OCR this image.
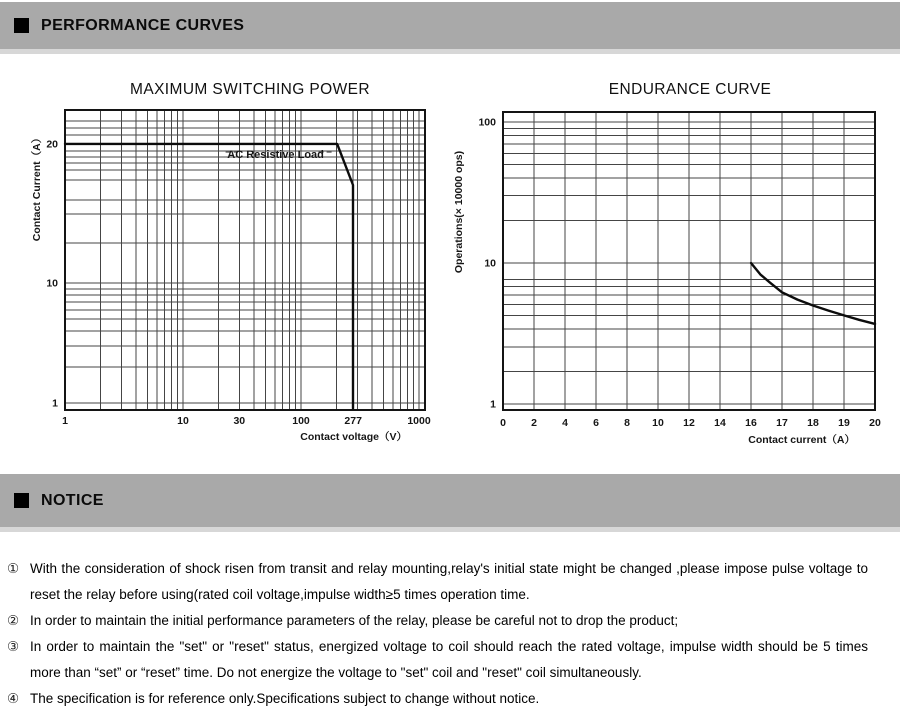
PERFORMANCE CURVES
MAXIMUM SWITCHING POWER
1	10	30	100	277	1000
20
10
1
Contact voltage（V）
Contact Current（A）	AC Resistive Load
ENDURANCE CURVE
0 2 4 6 8 10 12 14 16 17 18 19 20
100
10
1
Contact current（A）
Operations(× 10000 ops)
NOTICE
① With the consideration of shock risen from transit and relay mounting,relay's initial state might be changed ,please impose pulse voltage to reset the relay before using(rated coil voltage,impulse width≥5 times operation time.

② In order to maintain the initial performance parameters of the relay, please be careful not to drop the product;

③ In order to maintain the "set" or "reset" status, energized voltage to coil should reach the rated voltage, impulse width should be 5 times more than “set” or “reset” time. Do not energize the voltage to "set" coil and "reset" coil simultaneously.

④ The specification is for reference only.Specifications subject to change without notice.
